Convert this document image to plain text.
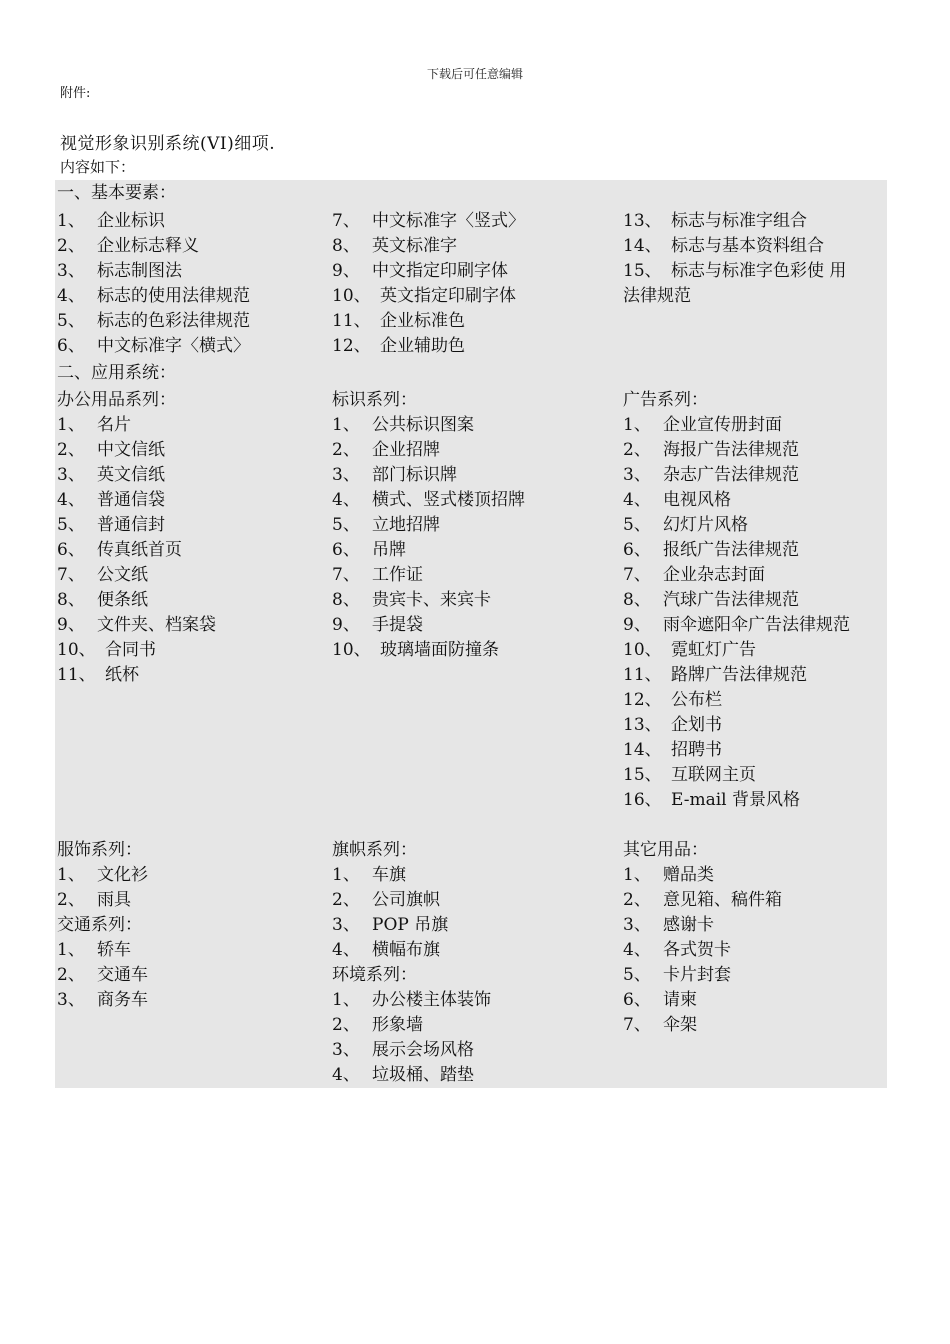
下载后可任意编辑
附件:
视觉形象识别系统(VI)细项.
内容如下：
一、基本要素：
1、 企业标识
2、 企业标志释义
3、 标志制图法
4、 标志的使用法律规范
5、 标志的色彩法律规范
6、 中文标准字〈横式〉
7、 中文标准字〈竖式〉
8、 英文标准字
9、 中文指定印刷字体
10、 英文指定印刷字体
11、 企业标准色
12、 企业辅助色
13、 标志与标准字组合
14、 标志与基本资料组合
15、 标志与标准字色彩使 用
法律规范
二、应用系统：
办公用品系列：
1、 名片
2、 中文信纸
3、 英文信纸
4、 普通信袋
5、 普通信封
6、 传真纸首页
7、 公文纸
8、 便条纸
9、 文件夹、档案袋
10、 合同书
11、 纸杯
标识系列：
1、 公共标识图案
2、 企业招牌
3、 部门标识牌
4、 横式、竖式楼顶招牌
5、 立地招牌
6、 吊牌
7、 工作证
8、 贵宾卡、来宾卡
9、 手提袋
10、 玻璃墙面防撞条
广告系列：
1、 企业宣传册封面
2、 海报广告法律规范
3、 杂志广告法律规范
4、 电视风格
5、 幻灯片风格
6、 报纸广告法律规范
7、 企业杂志封面
8、 汽球广告法律规范
9、 雨伞遮阳伞广告法律规范
10、 霓虹灯广告
11、 路牌广告法律规范
12、 公布栏
13、 企划书
14、 招聘书
15、 互联网主页
16、 E-mail 背景风格
服饰系列：
1、 文化衫
2、 雨具
交通系列：
1、 轿车
2、 交通车
3、 商务车
旗帜系列：
1、 车旗
2、 公司旗帜
3、 POP 吊旗
4、 横幅布旗
环境系列：
1、 办公楼主体装饰
2、 形象墙
3、 展示会场风格
4、 垃圾桶、踏垫
其它用品：
1、 赠品类
2、 意见箱、稿件箱
3、 感谢卡
4、 各式贺卡
5、 卡片封套
6、 请柬
7、 伞架
